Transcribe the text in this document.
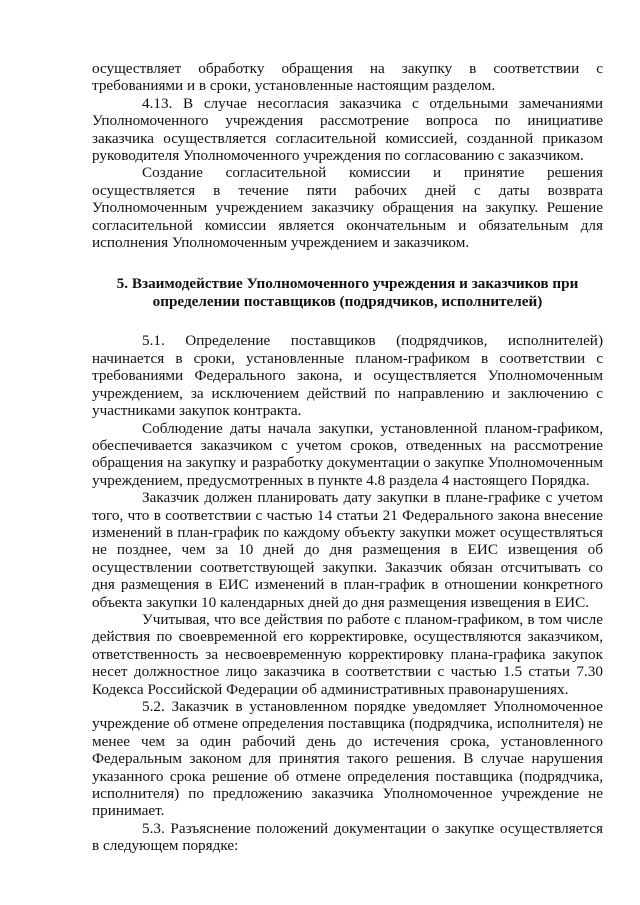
осуществляет обработку обращения на закупку в соответствии с требованиями и в сроки, установленные настоящим разделом.

4.13. В случае несогласия заказчика с отдельными замечаниями Уполномоченного учреждения рассмотрение вопроса по инициативе заказчика осуществляется согласительной комиссией, созданной приказом руководителя Уполномоченного учреждения по согласованию с заказчиком.

Создание согласительной комиссии и принятие решения осуществляется в течение пяти рабочих дней с даты возврата Уполномоченным учреждением заказчику обращения на закупку. Решение согласительной комиссии является окончательным и обязательным для исполнения Уполномоченным учреждением и заказчиком.

5. Взаимодействие Уполномоченного учреждения и заказчиков при
определении поставщиков (подрядчиков, исполнителей)

5.1. Определение поставщиков (подрядчиков, исполнителей) начинается в сроки, установленные планом-графиком в соответствии с требованиями Федерального закона, и осуществляется Уполномоченным учреждением, за исключением действий по направлению и заключению с участниками закупок контракта.

Соблюдение даты начала закупки, установленной планом-графиком, обеспечивается заказчиком с учетом сроков, отведенных на рассмотрение обращения на закупку и разработку документации о закупке Уполномоченным учреждением, предусмотренных в пункте 4.8 раздела 4 настоящего Порядка.

Заказчик должен планировать дату закупки в плане-графике с учетом того, что в соответствии с частью 14 статьи 21 Федерального закона внесение изменений в план-график по каждому объекту закупки может осуществляться не позднее, чем за 10 дней до дня размещения в ЕИС извещения об осуществлении соответствующей закупки. Заказчик обязан отсчитывать со дня размещения в ЕИС изменений в план-график в отношении конкретного объекта закупки 10 календарных дней до дня размещения извещения в ЕИС.

Учитывая, что все действия по работе с планом-графиком, в том числе действия по своевременной его корректировке, осуществляются заказчиком, ответственность за несвоевременную корректировку плана-графика закупок несет должностное лицо заказчика в соответствии с частью 1.5 статьи 7.30 Кодекса Российской Федерации об административных правонарушениях.

5.2. Заказчик в установленном порядке уведомляет Уполномоченное учреждение об отмене определения поставщика (подрядчика, исполнителя) не менее чем за один рабочий день до истечения срока, установленного Федеральным законом для принятия такого решения. В случае нарушения указанного срока решение об отмене определения поставщика (подрядчика, исполнителя) по предложению заказчика Уполномоченное учреждение не принимает.

5.3. Разъяснение положений документации о закупке осуществляется в следующем порядке:
